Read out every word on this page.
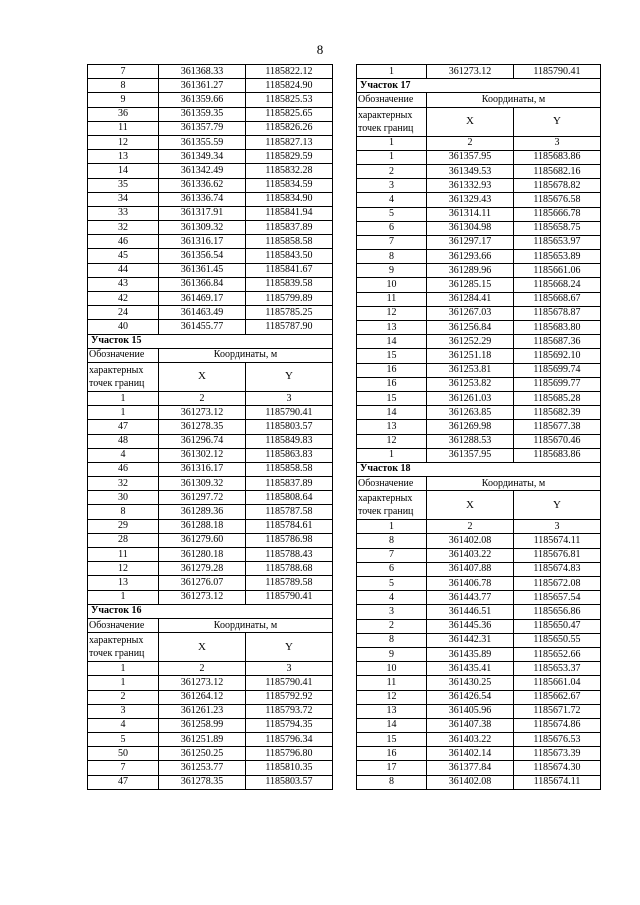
8
7	361368.33	1185822.12
8	361361.27	1185824.90
9	361359.66	1185825.53
36	361359.35	1185825.65
11	361357.79	1185826.26
12	361355.59	1185827.13
13	361349.34	1185829.59
14	361342.49	1185832.28
35	361336.62	1185834.59
34	361336.74	1185834.90
33	361317.91	1185841.94
32	361309.32	1185837.89
46	361316.17	1185858.58
45	361356.54	1185843.50
44	361361.45	1185841.67
43	361366.84	1185839.58
42	361469.17	1185799.89
24	361463.49	1185785.25
40	361455.77	1185787.90
Участок 15		
Обозначение	Координаты, м	

характерных
точек границ	X	Y
1	2	3
1	361273.12	1185790.41
47	361278.35	1185803.57
48	361296.74	1185849.83
4	361302.12	1185863.83
46	361316.17	1185858.58
32	361309.32	1185837.89
30	361297.72	1185808.64
8	361289.36	1185787.58
29	361288.18	1185784.61
28	361279.60	1185786.98
11	361280.18	1185788.43
12	361279.28	1185788.68
13	361276.07	1185789.58
1	361273.12	1185790.41
Участок 16		
Обозначение	Координаты, м	

характерных
точек границ	X	Y
1	2	3
1	361273.12	1185790.41
2	361264.12	1185792.92
3	361261.23	1185793.72
4	361258.99	1185794.35
5	361251.89	1185796.34
50	361250.25	1185796.80
7	361253.77	1185810.35
47	361278.35	1185803.57
1	361273.12	1185790.41
Участок 17		
Обозначение	Координаты, м	

характерных
точек границ	X	Y
1	2	3
1	361357.95	1185683.86
2	361349.53	1185682.16
3	361332.93	1185678.82
4	361329.43	1185676.58
5	361314.11	1185666.78
6	361304.98	1185658.75
7	361297.17	1185653.97
8	361293.66	1185653.89
9	361289.96	1185661.06
10	361285.15	1185668.24
11	361284.41	1185668.67
12	361267.03	1185678.87
13	361256.84	1185683.80
14	361252.29	1185687.36
15	361251.18	1185692.10
16	361253.81	1185699.74
16	361253.82	1185699.77
15	361261.03	1185685.28
14	361263.85	1185682.39
13	361269.98	1185677.38
12	361288.53	1185670.46
1	361357.95	1185683.86
Участок 18		
Обозначение	Координаты, м	

характерных
точек границ	X	Y
1	2	3
8	361402.08	1185674.11
7	361403.22	1185676.81
6	361407.88	1185674.83
5	361406.78	1185672.08
4	361443.77	1185657.54
3	361446.51	1185656.86
2	361445.36	1185650.47
8	361442.31	1185650.55
9	361435.89	1185652.66
10	361435.41	1185653.37
11	361430.25	1185661.04
12	361426.54	1185662.67
13	361405.96	1185671.72
14	361407.38	1185674.86
15	361403.22	1185676.53
16	361402.14	1185673.39
17	361377.84	1185674.30
8	361402.08	1185674.11
